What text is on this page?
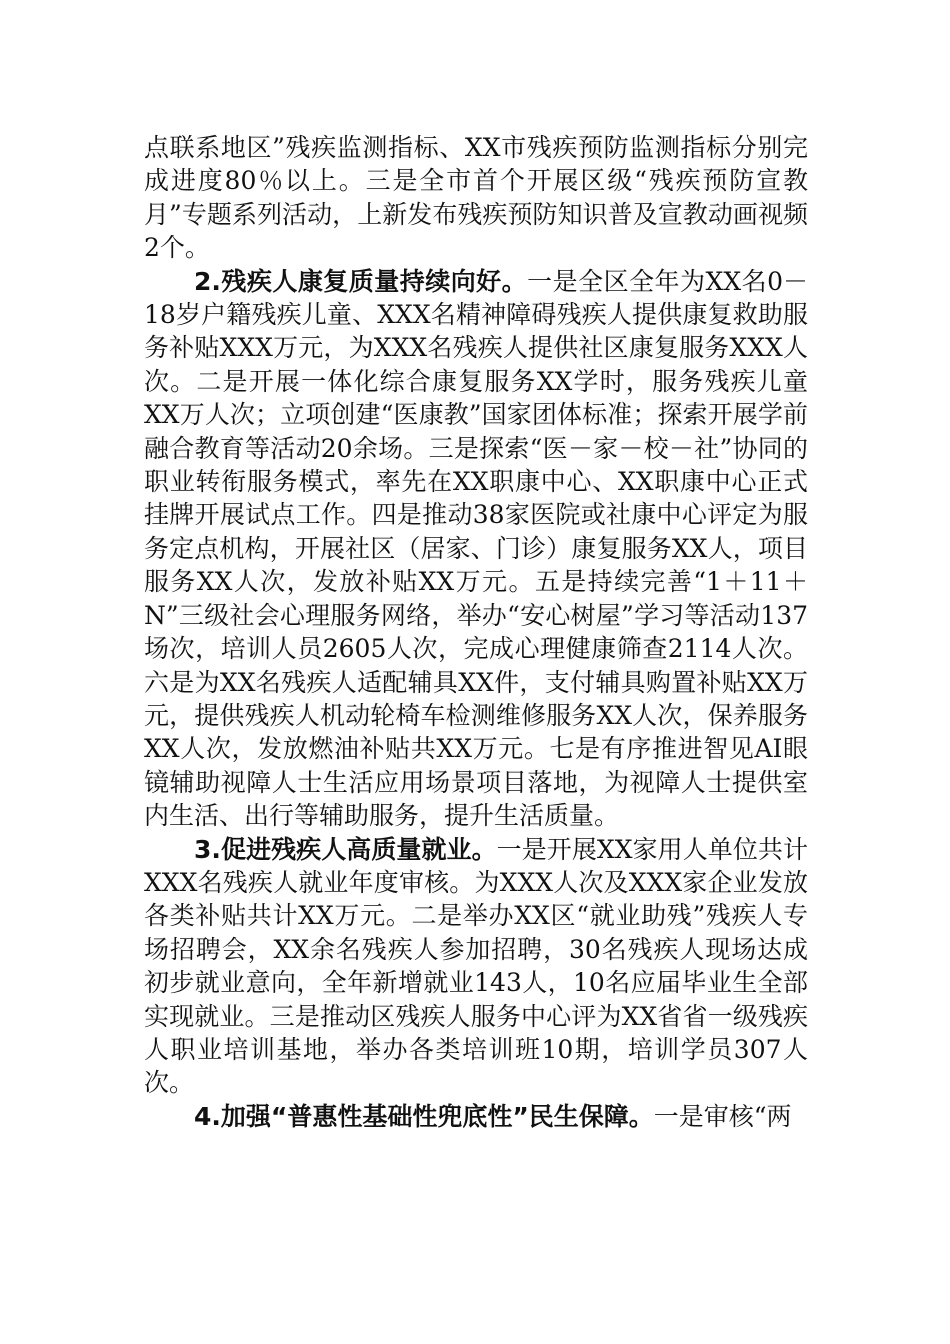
点联系地区”残疾监测指标、XX市残疾预防监测指标分别完成进度80％以上。三是全市首个开展区级“残疾预防宣教月”专题系列活动，上新发布残疾预防知识普及宣教动画视频2个。

2.残疾人康复质量持续向好。一是全区全年为XX名0－18岁户籍残疾儿童、XXX名精神障碍残疾人提供康复救助服务补贴XXX万元，为XXX名残疾人提供社区康复服务XXX人次。二是开展一体化综合康复服务XX学时，服务残疾儿童XX万人次；立项创建“医康教”国家团体标准；探索开展学前融合教育等活动20余场。三是探索“医－家－校－社”协同的职业转衔服务模式，率先在XX职康中心、XX职康中心正式挂牌开展试点工作。四是推动38家医院或社康中心评定为服务定点机构，开展社区（居家、门诊）康复服务XX人，项目服务XX人次，发放补贴XX万元。五是持续完善“1＋11＋N”三级社会心理服务网络，举办“安心树屋”学习等活动137场次，培训人员2605人次，完成心理健康筛查2114人次。六是为XX名残疾人适配辅具XX件，支付辅具购置补贴XX万元，提供残疾人机动轮椅车检测维修服务XX人次，保养服务XX人次，发放燃油补贴共XX万元。七是有序推进智见AI眼镜辅助视障人士生活应用场景项目落地，为视障人士提供室内生活、出行等辅助服务，提升生活质量。

3.促进残疾人高质量就业。一是开展XX家用人单位共计XXX名残疾人就业年度审核。为XXX人次及XXX家企业发放各类补贴共计XX万元。二是举办XX区“就业助残”残疾人专场招聘会，XX余名残疾人参加招聘，30名残疾人现场达成初步就业意向，全年新增就业143人，10名应届毕业生全部实现就业。三是推动区残疾人服务中心评为XX省省一级残疾人职业培训基地，举办各类培训班10期，培训学员307人次。

4.加强“普惠性基础性兜底性”民生保障。一是审核“两
